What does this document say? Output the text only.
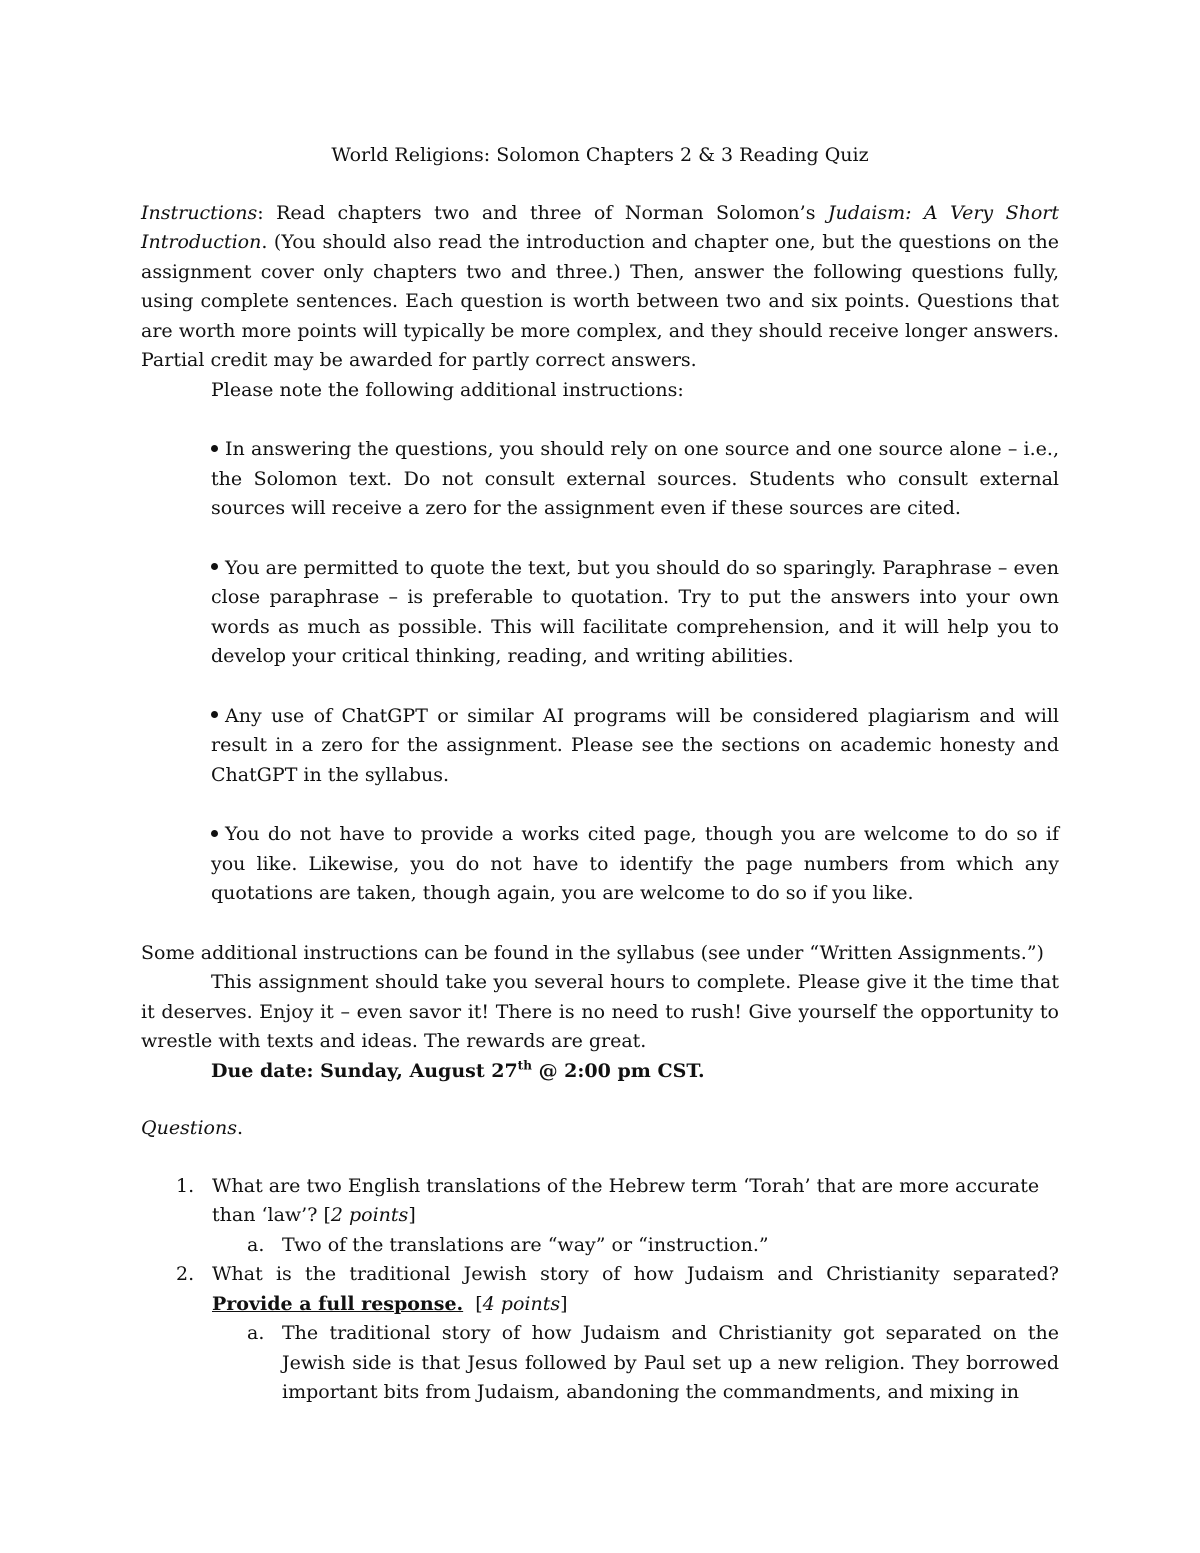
World Religions: Solomon Chapters 2 & 3 Reading Quiz

Instructions: Read chapters two and three of Norman Solomon’s Judaism: A Very Short Introduction. (You should also read the introduction and chapter one, but the questions on the assignment cover only chapters two and three.) Then, answer the following questions fully, using complete sentences. Each question is worth between two and six points. Questions that are worth more points will typically be more complex, and they should receive longer answers. Partial credit may be awarded for partly correct answers.

Please note the following additional instructions:

In answering the questions, you should rely on one source and one source alone – i.e., the Solomon text. Do not consult external sources. Students who consult external sources will receive a zero for the assignment even if these sources are cited.

You are permitted to quote the text, but you should do so sparingly. Paraphrase – even close paraphrase – is preferable to quotation. Try to put the answers into your own words as much as possible. This will facilitate comprehension, and it will help you to develop your critical thinking, reading, and writing abilities.

Any use of ChatGPT or similar AI programs will be considered plagiarism and will result in a zero for the assignment. Please see the sections on academic honesty and ChatGPT in the syllabus.

You do not have to provide a works cited page, though you are welcome to do so if you like. Likewise, you do not have to identify the page numbers from which any quotations are taken, though again, you are welcome to do so if you like.

Some additional instructions can be found in the syllabus (see under “Written Assignments.”)

This assignment should take you several hours to complete. Please give it the time that it deserves. Enjoy it – even savor it! There is no need to rush! Give yourself the opportunity to wrestle with texts and ideas. The rewards are great.

Due date: Sunday, August 27th @ 2:00 pm CST.

Questions.

1. What are two English translations of the Hebrew term ‘Torah’ that are more accurate than ‘law’? [2 points]

a. Two of the translations are “way” or “instruction.”

2. What is the traditional Jewish story of how Judaism and Christianity separated? Provide a full response.  [4 points]

a. The traditional story of how Judaism and Christianity got separated on the Jewish side is that Jesus followed by Paul set up a new religion. They borrowed important bits from Judaism, abandoning the commandments, and mixing in
